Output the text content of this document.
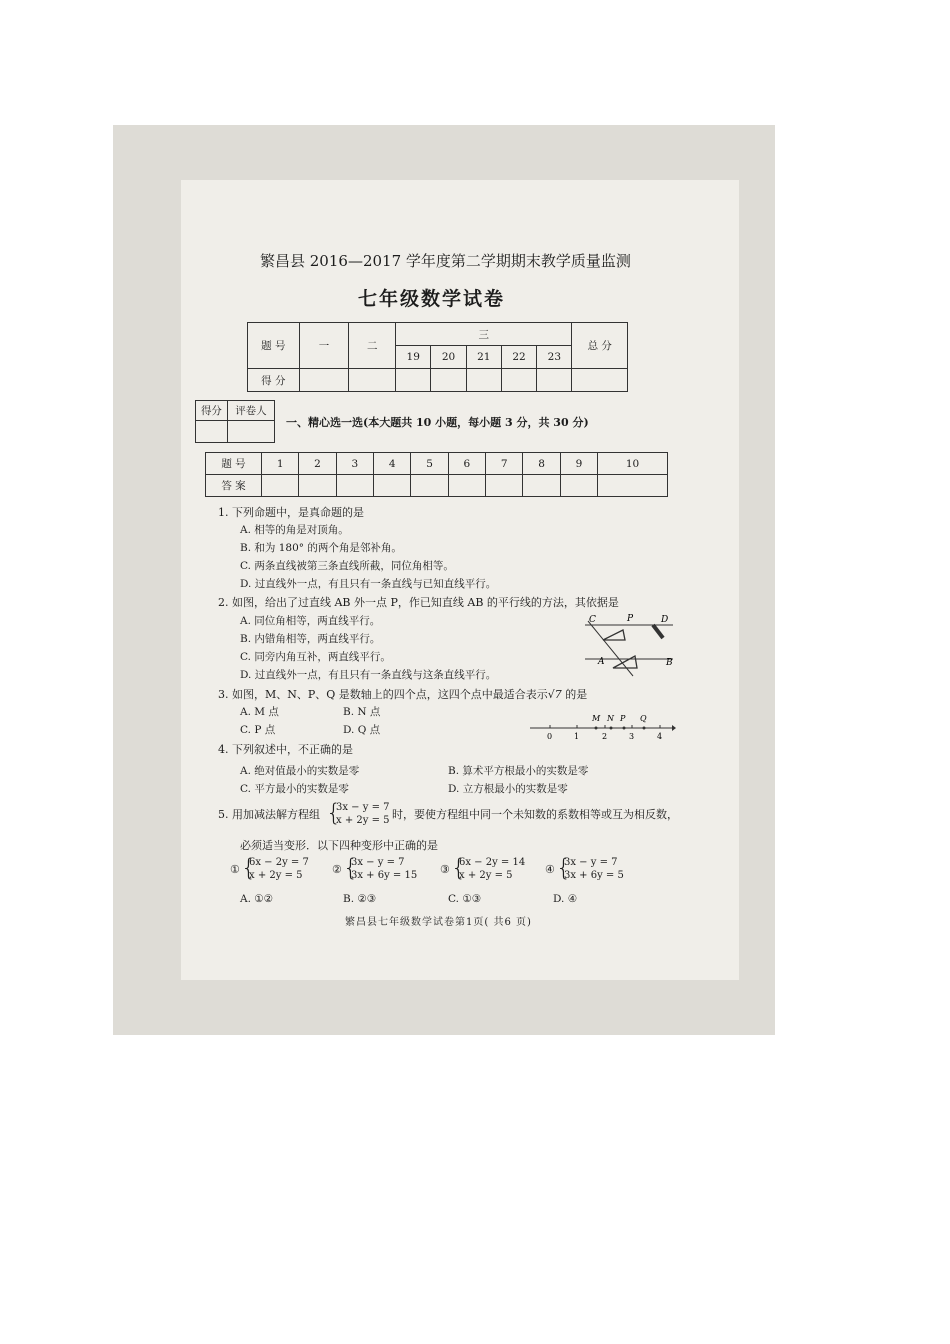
繁昌县 2016—2017 学年度第二学期期末教学质量监测
七年级数学试卷
题 号	一	二	三					总 分
			19	20	21	22	23	
得 分								
得分	评卷人

一、精心选一选(本大题共 10 小题，每小题 3 分，共 30 分)
题 号	1	2	3	4	5	6	7	8	9	10
答 案										
1. 下列命题中，是真命题的是
A. 相等的角是对顶角。
B. 和为 180° 的两个角是邻补角。
C. 两条直线被第三条直线所截，同位角相等。
D. 过直线外一点，有且只有一条直线与已知直线平行。
2. 如图，给出了过直线 AB 外一点 P，作已知直线 AB 的平行线的方法，其依据是
A. 同位角相等，两直线平行。
B. 内错角相等，两直线平行。
C. 同旁内角互补，两直线平行。
D. 过直线外一点，有且只有一条直线与这条直线平行。
C	P	D
A	B
3. 如图，M、N、P、Q 是数轴上的四个点，这四个点中最适合表示√7 的是
A. M 点	B. N 点
C. P 点	D. Q 点
0	1	2	3	4
M N P Q
4. 下列叙述中，不正确的是
A. 绝对值最小的实数是零	B. 算术平方根最小的实数是零
C. 平方最小的实数是零	D. 立方根最小的实数是零
5. 用加减法解方程组 {
3x − y = 7
x + 2y = 5 时，要使方程组中同一个未知数的系数相等或互为相反数，
必须适当变形．以下四种变形中正确的是
① {
6x − 2y = 7
x + 2y = 5	② {
3x − y = 7
3x + 6y = 15 ③ {
6x − 2y = 14
x + 2y = 5	④ {
3x − y = 7
3x + 6y = 5
A. ①②	B. ②③	C. ①③	D. ④
繁昌县七年级数学试卷第1页( 共6 页)
